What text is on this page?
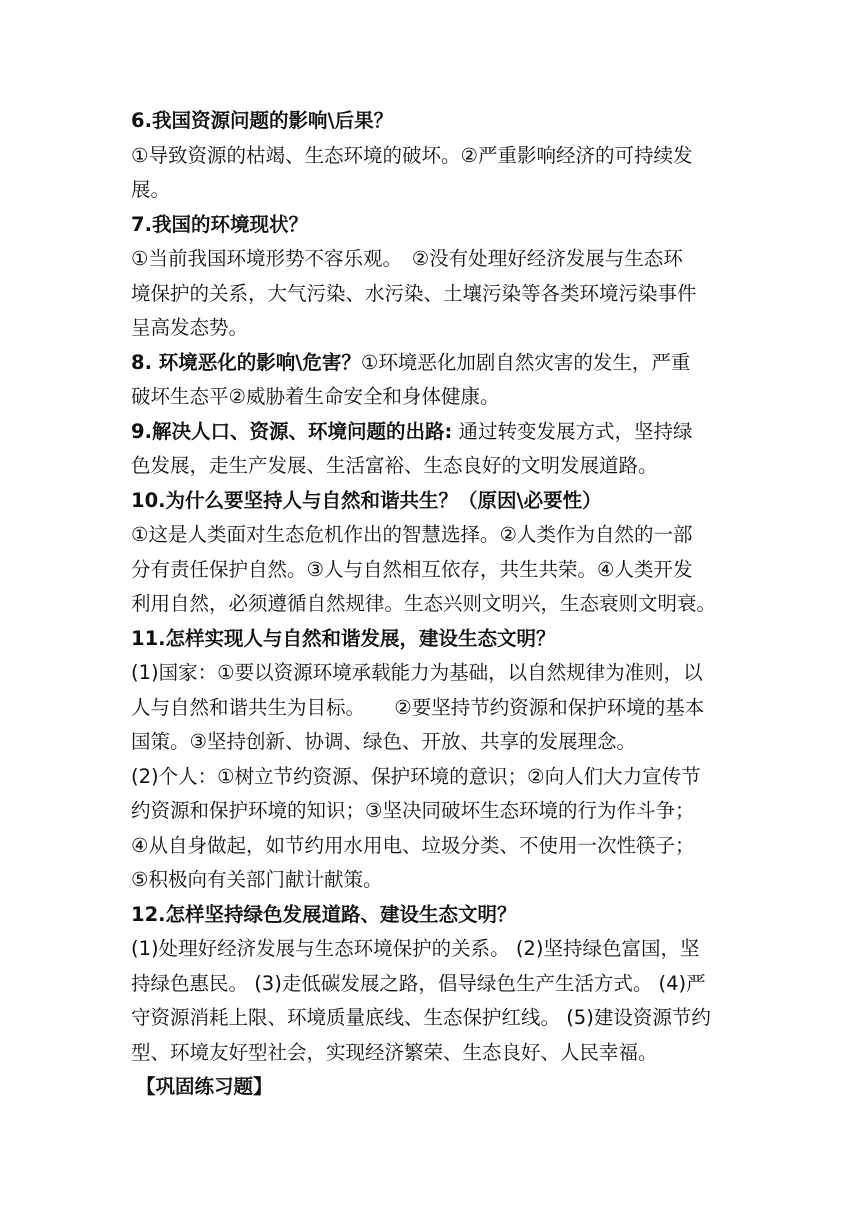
6.我国资源问题的影响\后果？
①导致资源的枯竭、生态环境的破坏。②严重影响经济的可持续发
展。
7.我国的环境现状？
①当前我国环境形势不容乐观。　②没有处理好经济发展与生态环
境保护的关系，大气污染、水污染、土壤污染等各类环境污染事件
呈高发态势。
8. 环境恶化的影响\危害？①环境恶化加剧自然灾害的发生，严重
破坏生态平②威胁着生命安全和身体健康。
9.解决人口、资源、环境问题的出路: 通过转变发展方式，坚持绿
色发展，走生产发展、生活富裕、生态良好的文明发展道路。
10.为什么要坚持人与自然和谐共生？（原因\必要性）
①这是人类面对生态危机作出的智慧选择。②人类作为自然的一部
分有责任保护自然。③人与自然相互依存，共生共荣。④人类开发
利用自然，必须遵循自然规律。生态兴则文明兴，生态衰则文明衰。
11.怎样实现人与自然和谐发展，建设生态文明？
(1)国家：①要以资源环境承载能力为基础，以自然规律为准则，以
人与自然和谐共生为目标。　　②要坚持节约资源和保护环境的基本
国策。③坚持创新、协调、绿色、开放、共享的发展理念。
(2)个人：①树立节约资源、保护环境的意识；②向人们大力宣传节
约资源和保护环境的知识；③坚决同破坏生态环境的行为作斗争；
④从自身做起，如节约用水用电、垃圾分类、不使用一次性筷子；
⑤积极向有关部门献计献策。
12.怎样坚持绿色发展道路、建设生态文明？
(1)处理好经济发展与生态环境保护的关系。 (2)坚持绿色富国，坚
持绿色惠民。 (3)走低碳发展之路，倡导绿色生产生活方式。 (4)严
守资源消耗上限、环境质量底线、生态保护红线。 (5)建设资源节约
型、环境友好型社会，实现经济繁荣、生态良好、人民幸福。
【巩固练习题】
